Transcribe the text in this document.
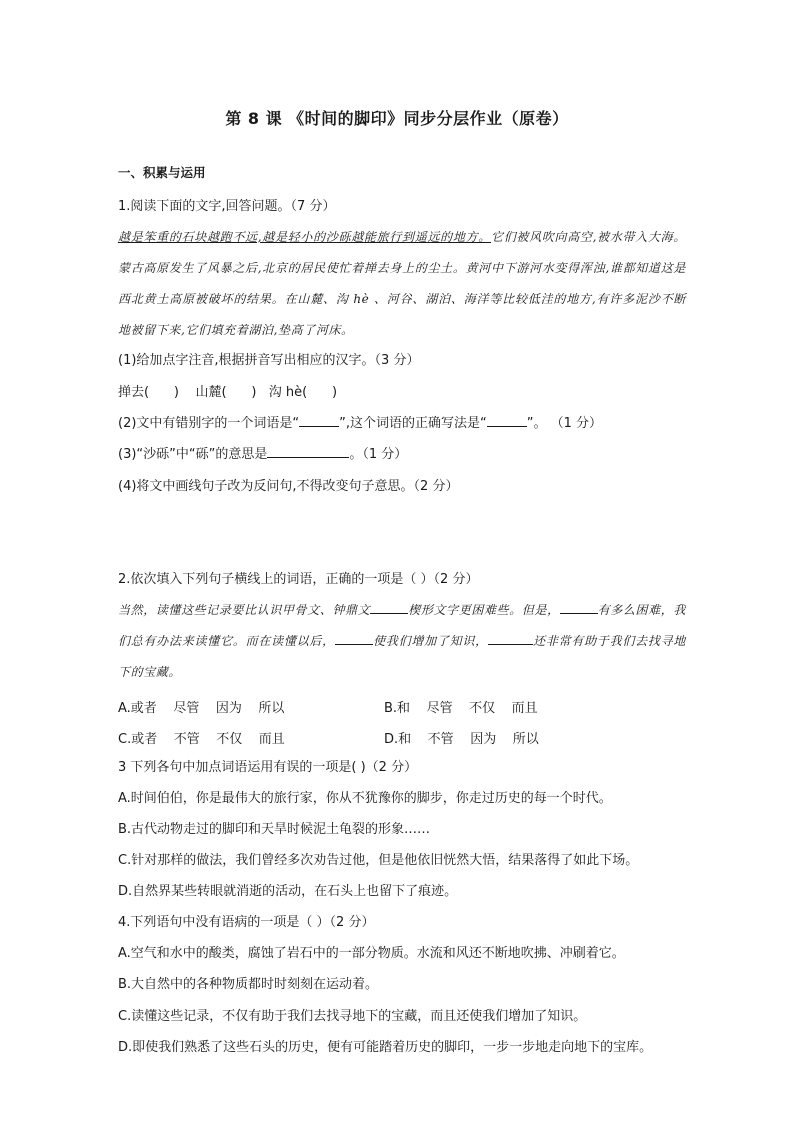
第 8 课 《时间的脚印》同步分层作业（原卷）
一、积累与运用
1.阅读下面的文字,回答问题。（7 分）
越是笨重的石块越跑不远,越是轻小的沙砾越能旅行到遥远的地方。它们被风吹向高空,被水带入大海。蒙古高原发生了风暴之后,北京的居民使忙着掸去身上的尘土。黄河中下游河水变得浑浊,谁都知道这是西北黄土高原被破坏的结果。在山麓、沟 hè 、河谷、湖泊、海洋等比较低洼的地方,有许多泥沙不断地被留下来,它们填充着湖泊,垫高了河床。
(1)给加点字注音,根据拼音写出相应的汉字。（3 分）
掸去(      )    山麓(      )   沟 hè(      )
(2)文中有错别字的一个词语是“	”,这个词语的正确写法是“	”。 （1 分）
(3)“沙砾”中“砾”的意思是	。（1 分）
(4)将文中画线句子改为反问句,不得改变句子意思。（2 分）
2.依次填入下列句子横线上的词语，正确的一项是（ ）（2 分）
当然，读懂这些记录要比认识甲骨文、钟鼎文	楔形文字更困难些。但是，	有多么困难，我们总有办法来读懂它。而在读懂以后，	使我们增加了知识，	还非常有助于我们去找寻地下的宝藏。
A.或者    尽管    因为    所以	B.和    尽管    不仅    而且
C.或者    不管    不仅    而且	D.和    不管    因为    所以
3 下列各句中加点词语运用有误的一项是( )（2 分）
A.时间伯伯，你是最伟大的旅行家，你从不犹豫你的脚步，你走过历史的每一个时代。
B.古代动物走过的脚印和天旱时候泥土龟裂的形象……
C.针对那样的做法，我们曾经多次劝告过他，但是他依旧恍然大悟，结果落得了如此下场。
D.自然界某些转眼就消逝的活动，在石头上也留下了痕迹。
4.下列语句中没有语病的一项是（ ）（2 分）
A.空气和水中的酸类，腐蚀了岩石中的一部分物质。水流和风还不断地吹拂、冲刷着它。
B.大自然中的各种物质都时时刻刻在运动着。
C.读懂这些记录，不仅有助于我们去找寻地下的宝藏，而且还使我们增加了知识。
D.即使我们熟悉了这些石头的历史，便有可能踏着历史的脚印，一步一步地走向地下的宝库。
